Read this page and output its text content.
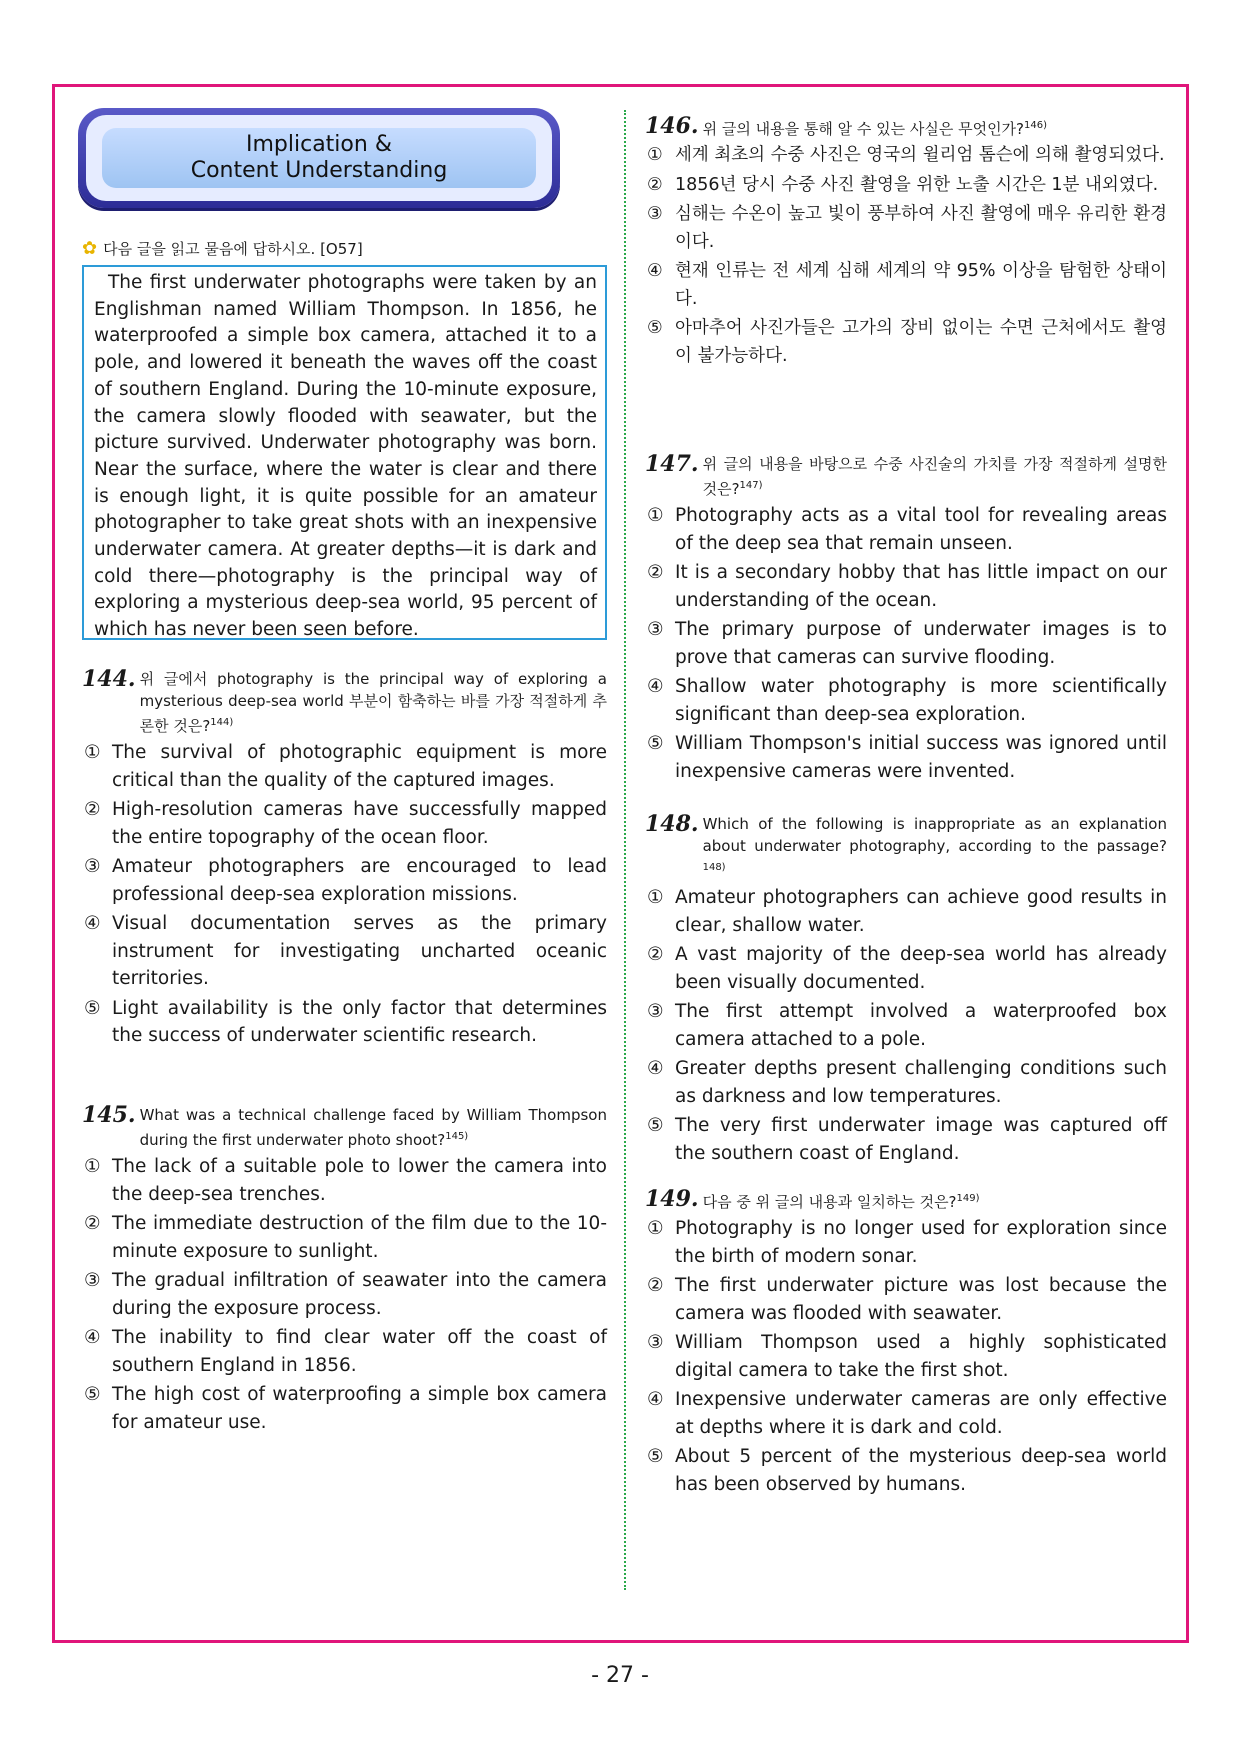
Implication &
Content Understanding
✿ 다음 글을 읽고 물음에 답하시오. [O57]
The first underwater photographs were taken by an Englishman named William Thompson. In 1856, he waterproofed a simple box camera, attached it to a pole, and lowered it beneath the waves off the coast of southern England. During the 10-minute exposure, the camera slowly flooded with seawater, but the picture survived. Underwater photography was born. Near the surface, where the water is clear and there is enough light, it is quite possible for an amateur photographer to take great shots with an inexpensive underwater camera. At greater depths—it is dark and cold there—photography is the principal way of exploring a mysterious deep-sea world, 95 percent of which has never been seen before.
144. 위 글에서 photography is the principal way of exploring a mysterious deep-sea world 부분이 함축하는 바를 가장 적절하게 추론한 것은?$^{144)}$
① The survival of photographic equipment is more critical than the quality of the captured images.
② High-resolution cameras have successfully mapped the entire topography of the ocean floor.
③ Amateur photographers are encouraged to lead professional deep-sea exploration missions.
④ Visual documentation serves as the primary instrument for investigating uncharted oceanic territories.
⑤ Light availability is the only factor that determines the success of underwater scientific research.
145. What was a technical challenge faced by William Thompson during the first underwater photo shoot?$^{145)}$
① The lack of a suitable pole to lower the camera into the deep-sea trenches.
② The immediate destruction of the film due to the 10-minute exposure to sunlight.
③ The gradual infiltration of seawater into the camera during the exposure process.
④ The inability to find clear water off the coast of southern England in 1856.
⑤ The high cost of waterproofing a simple box camera for amateur use.
146. 위 글의 내용을 통해 알 수 있는 사실은 무엇인가?$^{146)}$
① 세계 최초의 수중 사진은 영국의 윌리엄 톰슨에 의해 촬영되었다.
② 1856년 당시 수중 사진 촬영을 위한 노출 시간은 1분 내외였다.
③ 심해는 수온이 높고 빛이 풍부하여 사진 촬영에 매우 유리한 환경이다.
④ 현재 인류는 전 세계 심해 세계의 약 95% 이상을 탐험한 상태이다.
⑤ 아마추어 사진가들은 고가의 장비 없이는 수면 근처에서도 촬영이 불가능하다.
147. 위 글의 내용을 바탕으로 수중 사진술의 가치를 가장 적절하게 설명한 것은?$^{147)}$
① Photography acts as a vital tool for revealing areas of the deep sea that remain unseen.
② It is a secondary hobby that has little impact on our understanding of the ocean.
③ The primary purpose of underwater images is to prove that cameras can survive flooding.
④ Shallow water photography is more scientifically significant than deep-sea exploration.
⑤ William Thompson's initial success was ignored until inexpensive cameras were invented.
148. Which of the following is inappropriate as an explanation about underwater photography, according to the passage?$^{148)}$
① Amateur photographers can achieve good results in clear, shallow water.
② A vast majority of the deep-sea world has already been visually documented.
③ The first attempt involved a waterproofed box camera attached to a pole.
④ Greater depths present challenging conditions such as darkness and low temperatures.
⑤ The very first underwater image was captured off the southern coast of England.
149. 다음 중 위 글의 내용과 일치하는 것은?$^{149)}$
① Photography is no longer used for exploration since the birth of modern sonar.
② The first underwater picture was lost because the camera was flooded with seawater.
③ William Thompson used a highly sophisticated digital camera to take the first shot.
④ Inexpensive underwater cameras are only effective at depths where it is dark and cold.
⑤ About 5 percent of the mysterious deep-sea world has been observed by humans.
- 27 -
